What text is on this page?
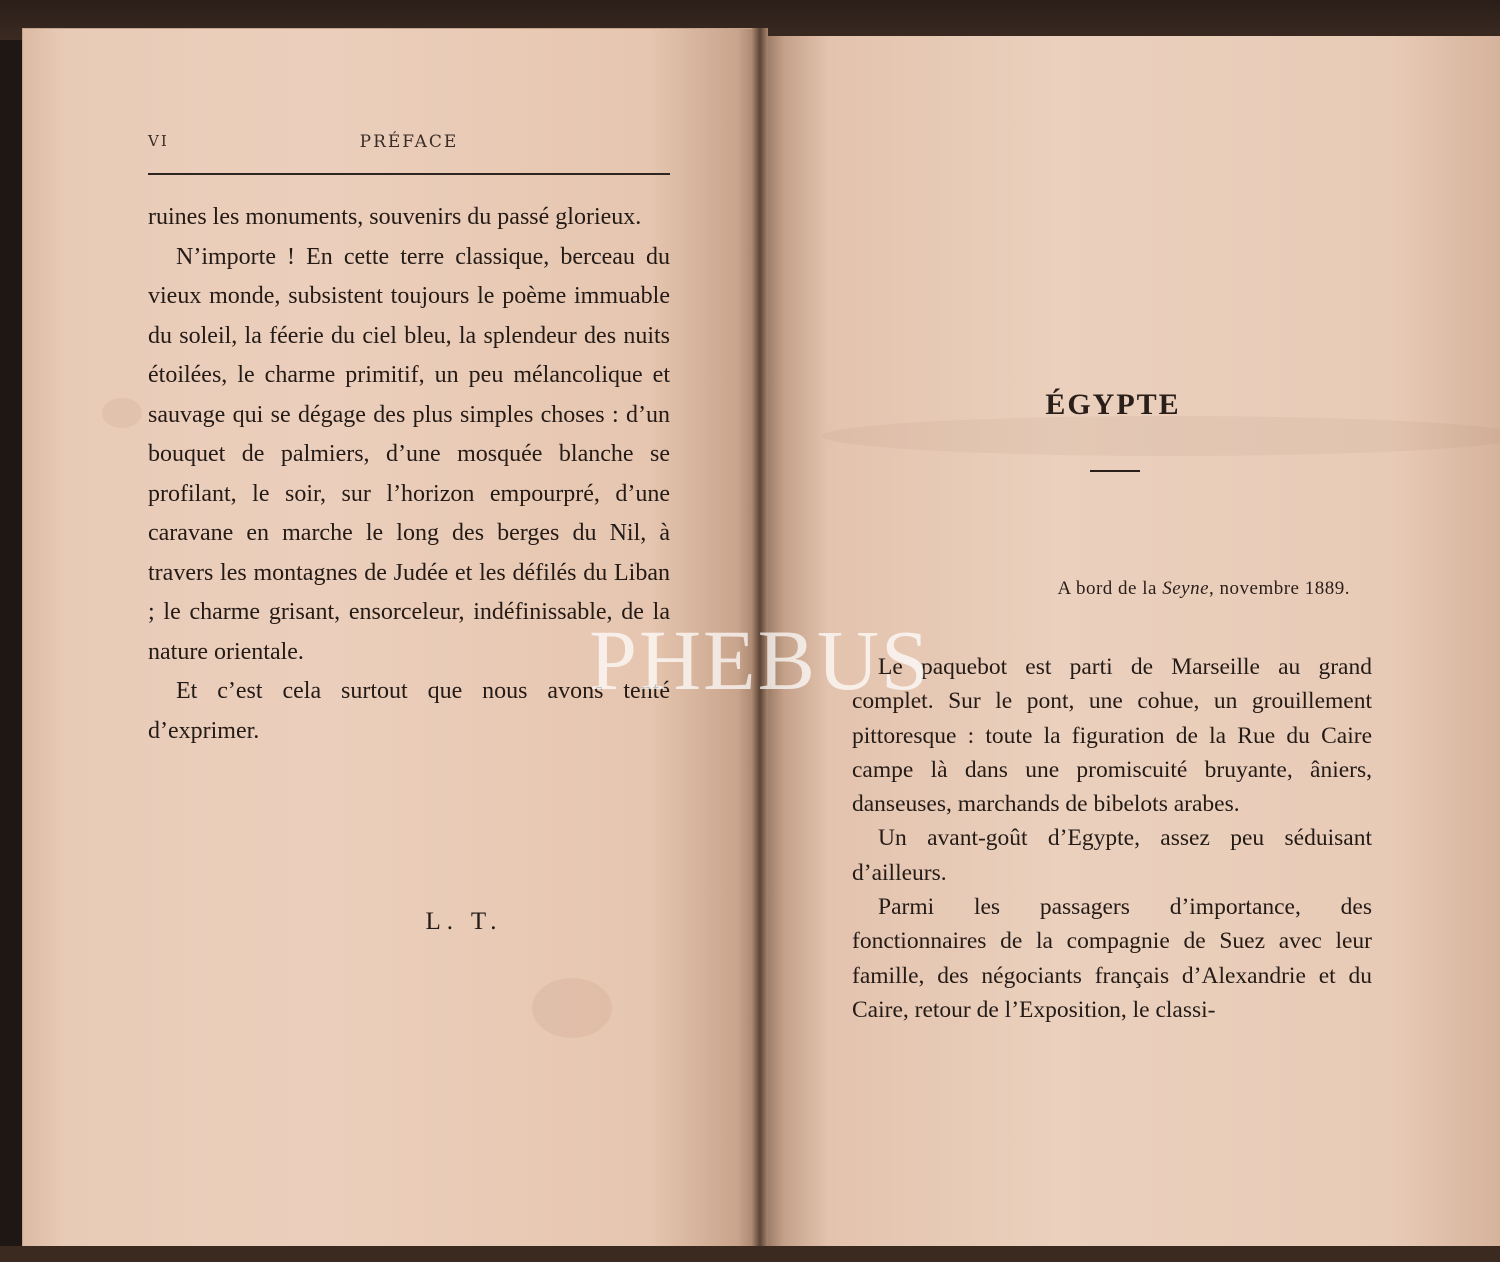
VI	PRÉFACE

ruines les monuments, souvenirs du passé glorieux.

N’importe ! En cette terre classique, berceau du vieux monde, subsistent toujours le poème immuable du soleil, la féerie du ciel bleu, la splendeur des nuits étoilées, le charme primitif, un peu mélancolique et sauvage qui se dégage des plus simples choses : d’un bouquet de palmiers, d’une mosquée blanche se profilant, le soir, sur l’horizon empourpré, d’une caravane en marche le long des berges du Nil, à travers les montagnes de Judée et les défilés du Liban ; le charme grisant, ensorceleur, indéfinissable, de la nature orientale.

Et c’est cela surtout que nous avons tenté d’exprimer.

L. T.
ÉGYPTE
A bord de la Seyne, novembre 1889.

Le paquebot est parti de Marseille au grand complet. Sur le pont, une cohue, un grouillement pittoresque : toute la figuration de la Rue du Caire campe là dans une promiscuité bruyante, âniers, danseuses, marchands de bibelots arabes.

Un avant-goût d’Egypte, assez peu séduisant d’ailleurs.

Parmi les passagers d’importance, des fonctionnaires de la compagnie de Suez avec leur famille, des négociants français d’Alexandrie et du Caire, retour de l’Exposition, le classi-

PHEBUS
